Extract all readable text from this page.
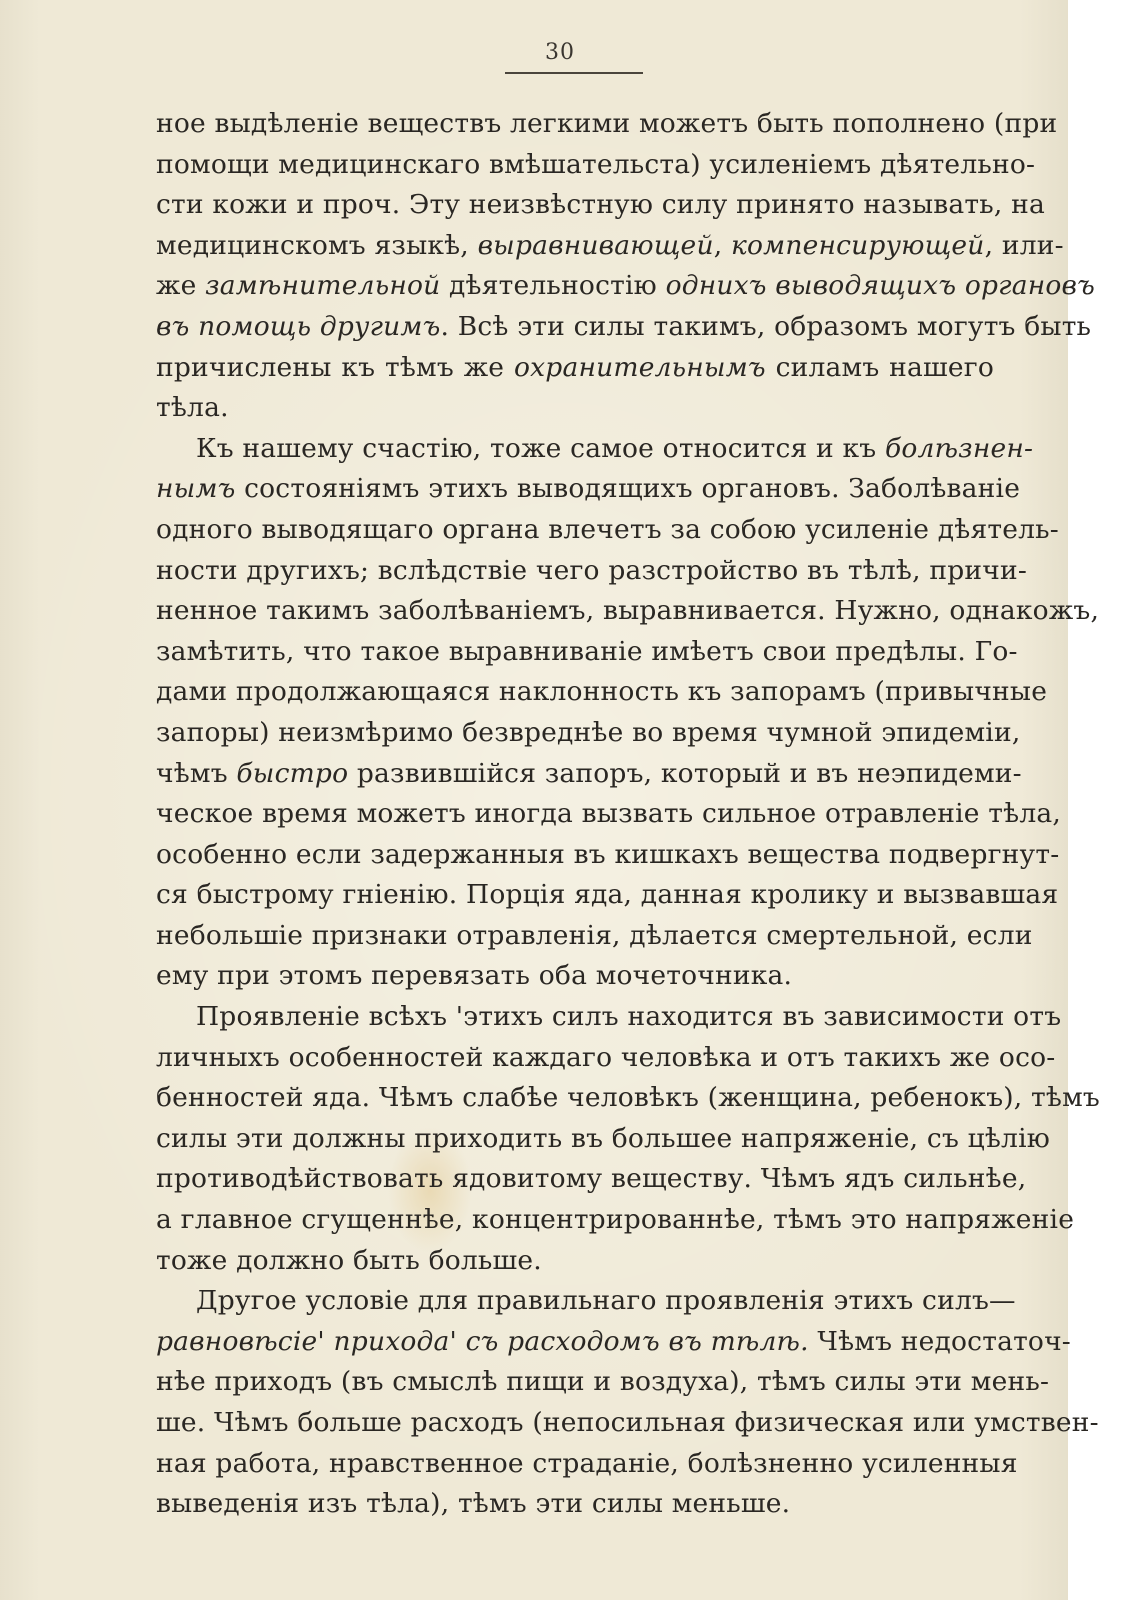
30
ное выдѣленіе веществъ легкими можетъ быть пополнено (при
помощи медицинскаго вмѣшательста) усиленіемъ дѣятельно-
сти кожи и проч. Эту неизвѣстную силу принято называть, на
медицинскомъ языкѣ, выравнивающей, компенсирующей, или-
же замѣнительной дѣятельностію однихъ выводящихъ органовъ
въ помощь другимъ. Всѣ эти силы такимъ, образомъ могутъ быть
причислены къ тѣмъ же охранительнымъ силамъ нашего
тѣла.
Къ нашему счастію, тоже самое относится и къ болѣзнен-
нымъ состояніямъ этихъ выводящихъ органовъ. Заболѣваніе
одного выводящаго органа влечетъ за собою усиленіе дѣятель-
ности другихъ; вслѣдствіе чего разстройство въ тѣлѣ, причи-
ненное такимъ заболѣваніемъ, выравнивается. Нужно, однакожъ,
замѣтить, что такое выравниваніе имѣетъ свои предѣлы. Го-
дами продолжающаяся наклонность къ запорамъ (привычные
запоры) неизмѣримо безвреднѣе во время чумной эпидеміи,
чѣмъ быстро развившійся запоръ, который и въ неэпидеми-
ческое время можетъ иногда вызвать сильное отравленіе тѣла,
особенно если задержанныя въ кишкахъ вещества подвергнут-
ся быстрому гніенію. Порція яда, данная кролику и вызвавшая
небольшіе признаки отравленія, дѣлается смертельной, если
ему при этомъ перевязать оба мочеточника.
Проявленіе всѣхъ 'этихъ силъ находится въ зависимости отъ
личныхъ особенностей каждаго человѣка и отъ такихъ же осо-
бенностей яда. Чѣмъ слабѣе человѣкъ (женщина, ребенокъ), тѣмъ
силы эти должны приходить въ большее напряженіе, съ цѣлію
противодѣйствовать ядовитому веществу. Чѣмъ ядъ сильнѣе,
а главное сгущеннѣе, концентрированнѣе, тѣмъ это напряженіе
тоже должно быть больше.
Другое условіе для правильнаго проявленія этихъ силъ—
равновѣсіе' прихода' съ расходомъ въ тѣлѣ. Чѣмъ недостаточ-
нѣе приходъ (въ смыслѣ пищи и воздуха), тѣмъ силы эти мень-
ше. Чѣмъ больше расходъ (непосильная физическая или умствен-
ная работа, нравственное страданіе, болѣзненно усиленныя
выведенія изъ тѣла), тѣмъ эти силы меньше.
